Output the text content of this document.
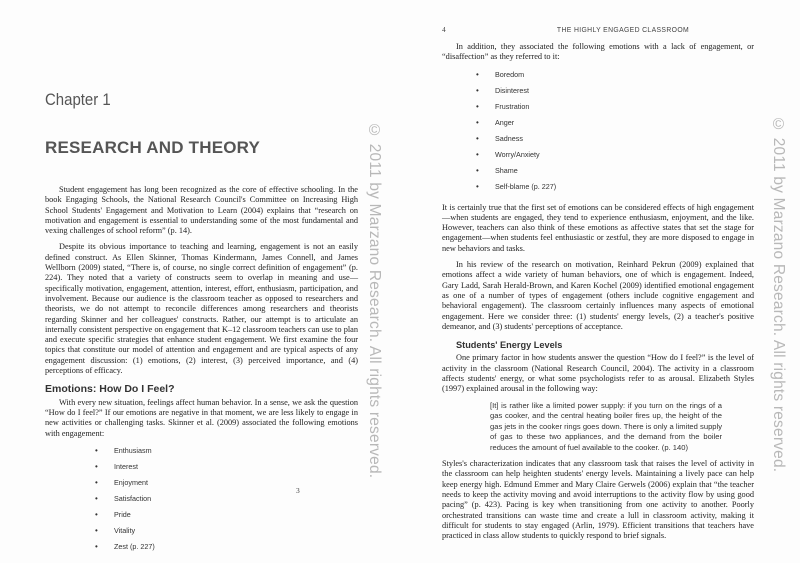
Chapter 1
RESEARCH AND THEORY

Student engagement has long been recognized as the core of effective schooling. In the book Engaging Schools, the National Research Council's Committee on Increasing High School Students' Engagement and Motivation to Learn (2004) explains that “research on motivation and engagement is essential to understanding some of the most fundamental and vexing challenges of school reform” (p. 14).

Despite its obvious importance to teaching and learning, engagement is not an easily defined construct. As Ellen Skinner, Thomas Kindermann, James Connell, and James Wellborn (2009) stated, “There is, of course, no single correct definition of engagement” (p. 224). They noted that a variety of constructs seem to overlap in meaning and use—specifically motivation, engagement, attention, interest, effort, enthusiasm, participation, and involvement. Because our audience is the classroom teacher as opposed to researchers and theorists, we do not attempt to reconcile differences among researchers and theorists regarding Skinner and her colleagues' constructs. Rather, our attempt is to articulate an internally consistent perspective on engagement that K–12 classroom teachers can use to plan and execute specific strategies that enhance student engagement. We first examine the four topics that constitute our model of attention and engagement and are typical aspects of any engagement discussion: (1) emotions, (2) interest, (3) perceived importance, and (4) perceptions of efficacy.

Emotions: How Do I Feel?

With every new situation, feelings affect human behavior. In a sense, we ask the question “How do I feel?” If our emotions are negative in that moment, we are less likely to engage in new activities or challenging tasks. Skinner et al. (2009) associated the following emotions with engagement:

• Enthusiasm
• Interest
• Enjoyment
• Satisfaction
• Pride
• Vitality
• Zest (p. 227)
3
© 2011 by Marzano Research. All rights reserved.
4	THE HIGHLY ENGAGED CLASSROOM

In addition, they associated the following emotions with a lack of engagement, or “disaffection” as they referred to it:

• Boredom
• Disinterest
• Frustration
• Anger
• Sadness
• Worry/Anxiety
• Shame
• Self-blame (p. 227)

It is certainly true that the first set of emotions can be considered effects of high engagement—when students are engaged, they tend to experience enthusiasm, enjoyment, and the like. However, teachers can also think of these emotions as affective states that set the stage for engagement—when students feel enthusiastic or zestful, they are more disposed to engage in new behaviors and tasks.

In his review of the research on motivation, Reinhard Pekrun (2009) explained that emotions affect a wide variety of human behaviors, one of which is engagement. Indeed, Gary Ladd, Sarah Herald-Brown, and Karen Kochel (2009) identified emotional engagement as one of a number of types of engagement (others include cognitive engagement and behavioral engagement). The classroom certainly influences many aspects of emotional engagement. Here we consider three: (1) students' energy levels, (2) a teacher's positive demeanor, and (3) students' perceptions of acceptance.

Students' Energy Levels

One primary factor in how students answer the question “How do I feel?” is the level of activity in the classroom (National Research Council, 2004). The activity in a classroom affects students' energy, or what some psychologists refer to as arousal. Elizabeth Styles (1997) explained arousal in the following way:

[It] is rather like a limited power supply: if you turn on the rings of a gas cooker, and the central heating boiler fires up, the height of the gas jets in the cooker rings goes down. There is only a limited supply of gas to these two appliances, and the demand from the boiler reduces the amount of fuel available to the cooker. (p. 140)

Styles's characterization indicates that any classroom task that raises the level of activity in the classroom can help heighten students' energy levels. Maintaining a lively pace can help keep energy high. Edmund Emmer and Mary Claire Gerwels (2006) explain that “the teacher needs to keep the activity moving and avoid interruptions to the activity flow by using good pacing” (p. 423). Pacing is key when transitioning from one activity to another. Poorly orchestrated transitions can waste time and create a lull in classroom activity, making it difficult for students to stay engaged (Arlin, 1979). Efficient transitions that teachers have practiced in class allow students to quickly respond to brief signals.

© 2011 by Marzano Research. All rights reserved.
